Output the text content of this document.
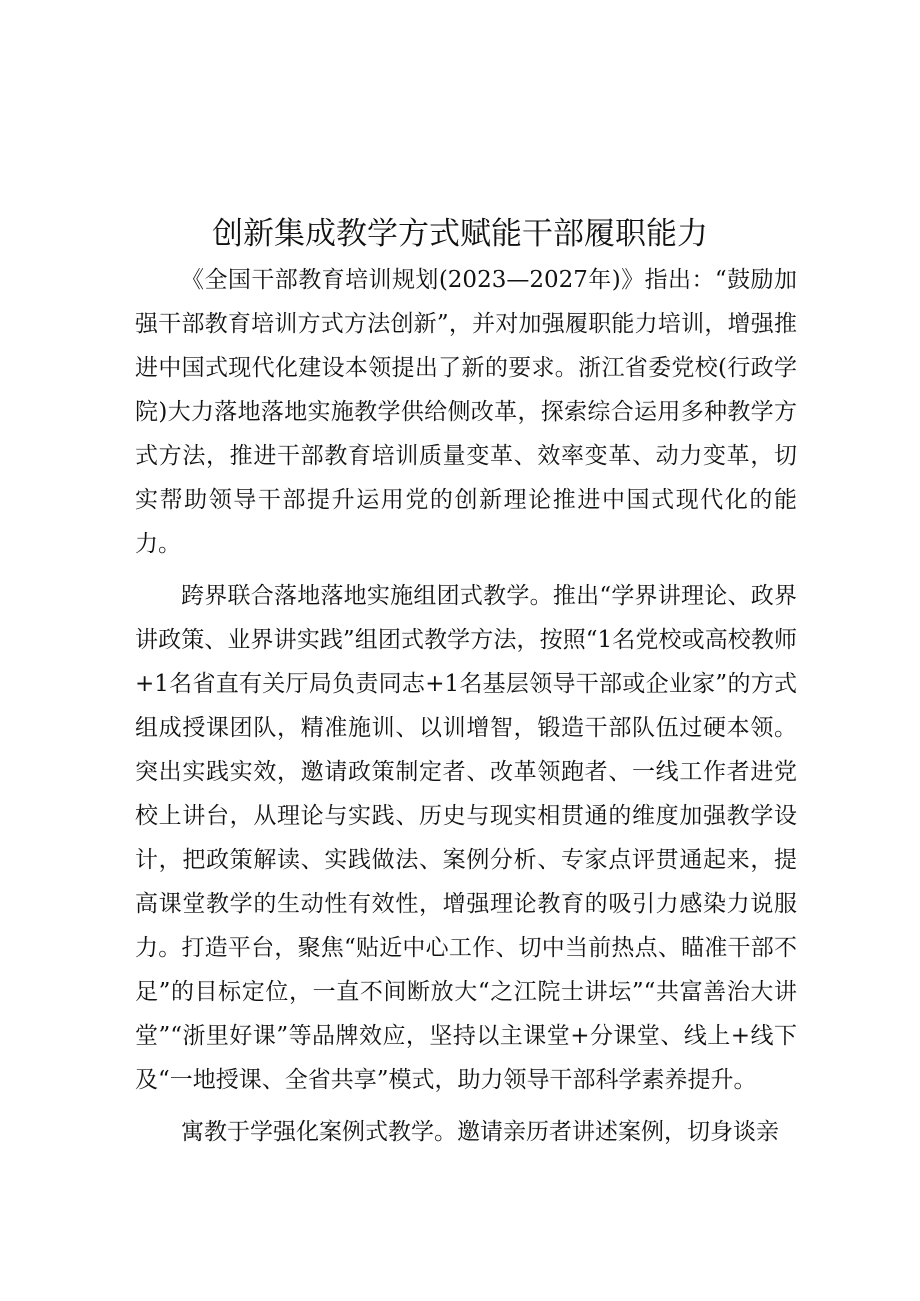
创新集成教学方式赋能干部履职能力

《全国干部教育培训规划(2023—2027年)》指出：“鼓励加强干部教育培训方式方法创新”，并对加强履职能力培训，增强推进中国式现代化建设本领提出了新的要求。浙江省委党校(行政学院)大力落地落地实施教学供给侧改革，探索综合运用多种教学方式方法，推进干部教育培训质量变革、效率变革、动力变革，切实帮助领导干部提升运用党的创新理论推进中国式现代化的能力。

跨界联合落地落地实施组团式教学。推出“学界讲理论、政界讲政策、业界讲实践”组团式教学方法，按照“1名党校或高校教师+1名省直有关厅局负责同志+1名基层领导干部或企业家”的方式组成授课团队，精准施训、以训增智，锻造干部队伍过硬本领。突出实践实效，邀请政策制定者、改革领跑者、一线工作者进党校上讲台，从理论与实践、历史与现实相贯通的维度加强教学设计，把政策解读、实践做法、案例分析、专家点评贯通起来，提高课堂教学的生动性有效性，增强理论教育的吸引力感染力说服力。打造平台，聚焦“贴近中心工作、切中当前热点、瞄准干部不足”的目标定位，一直不间断放大“之江院士讲坛”“共富善治大讲堂”“浙里好课”等品牌效应，坚持以主课堂+分课堂、线上+线下及“一地授课、全省共享”模式，助力领导干部科学素养提升。

寓教于学强化案例式教学。邀请亲历者讲述案例，切身谈亲
